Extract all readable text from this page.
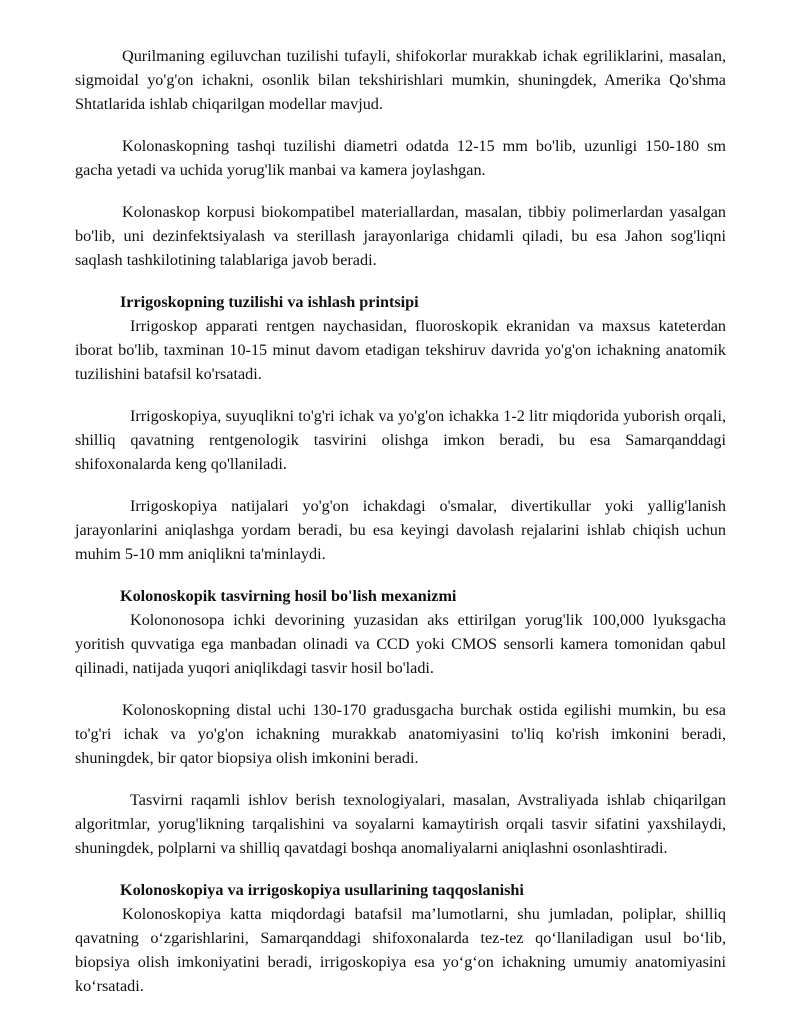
Qurilmaning egiluvchan tuzilishi tufayli, shifokorlar murakkab ichak egriliklarini, masalan, sigmoidal yo'g'on ichakni, osonlik bilan tekshirishlari mumkin, shuningdek, Amerika Qo'shma Shtatlarida ishlab chiqarilgan modellar mavjud.

Kolonaskopning tashqi tuzilishi diametri odatda 12-15 mm bo'lib, uzunligi 150-180 sm gacha yetadi va uchida yorug'lik manbai va kamera joylashgan.

Kolonaskop korpusi biokompatibel materiallardan, masalan, tibbiy polimerlardan yasalgan bo'lib, uni dezinfektsiyalash va sterillash jarayonlariga chidamli qiladi, bu esa Jahon sog'liqni saqlash tashkilotining talablariga javob beradi.

Irrigoskopning tuzilishi va ishlash printsipi

Irrigoskop apparati rentgen naychasidan, fluoroskopik ekranidan va maxsus kateterdan iborat bo'lib, taxminan 10-15 minut davom etadigan tekshiruv davrida yo'g'on ichakning anatomik tuzilishini batafsil ko'rsatadi.

Irrigoskopiya, suyuqlikni to'g'ri ichak va yo'g'on ichakka 1-2 litr miqdorida yuborish orqali, shilliq qavatning rentgenologik tasvirini olishga imkon beradi, bu esa Samarqanddagi shifoxonalarda keng qo'llaniladi.

Irrigoskopiya natijalari yo'g'on ichakdagi o'smalar, divertikullar yoki yallig'lanish jarayonlarini aniqlashga yordam beradi, bu esa keyingi davolash rejalarini ishlab chiqish uchun muhim 5-10 mm aniqlikni ta'minlaydi.

Kolonoskopik tasvirning hosil bo'lish mexanizmi

Kolononosopa ichki devorining yuzasidan aks ettirilgan yorug'lik 100,000 lyuksgacha yoritish quvvatiga ega manbadan olinadi va CCD yoki CMOS sensorli kamera tomonidan qabul qilinadi, natijada yuqori aniqlikdagi tasvir hosil bo'ladi.

Kolonoskopning distal uchi 130-170 gradusgacha burchak ostida egilishi mumkin, bu esa to'g'ri ichak va yo'g'on ichakning murakkab anatomiyasini to'liq ko'rish imkonini beradi, shuningdek, bir qator biopsiya olish imkonini beradi.

Tasvirni raqamli ishlov berish texnologiyalari, masalan, Avstraliyada ishlab chiqarilgan algoritmlar, yorug'likning tarqalishini va soyalarni kamaytirish orqali tasvir sifatini yaxshilaydi, shuningdek, polplarni va shilliq qavatdagi boshqa anomaliyalarni aniqlashni osonlashtiradi.

Kolonoskopiya va irrigoskopiya usullarining taqqoslanishi

Kolonoskopiya katta miqdordagi batafsil ma’lumotlarni, shu jumladan, poliplar, shilliq qavatning o‘zgarishlarini, Samarqanddagi shifoxonalarda tez-tez qo‘llaniladigan usul bo‘lib, biopsiya olish imkoniyatini beradi, irrigoskopiya esa yo‘g‘on ichakning umumiy anatomiyasini ko‘rsatadi.
